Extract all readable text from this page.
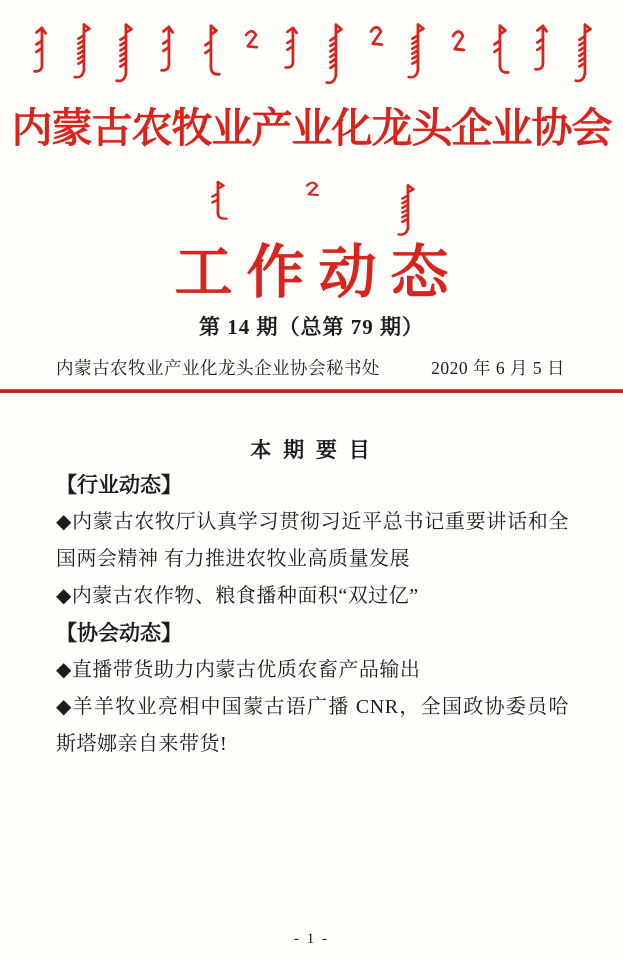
内蒙古农牧业产业化龙头企业协会
工作动态
第 14 期（总第 79 期）
内蒙古农牧业产业化龙头企业协会秘书处	2020 年 6 月 5 日
本 期 要 目

【行业动态】

◆内蒙古农牧厅认真学习贯彻习近平总书记重要讲话和全国两会精神 有力推进农牧业高质量发展

◆内蒙古农作物、粮食播种面积“双过亿”

【协会动态】

◆直播带货助力内蒙古优质农畜产品输出

◆羊羊牧业亮相中国蒙古语广播 CNR，全国政协委员哈斯塔娜亲自来带货!

- 1 -
